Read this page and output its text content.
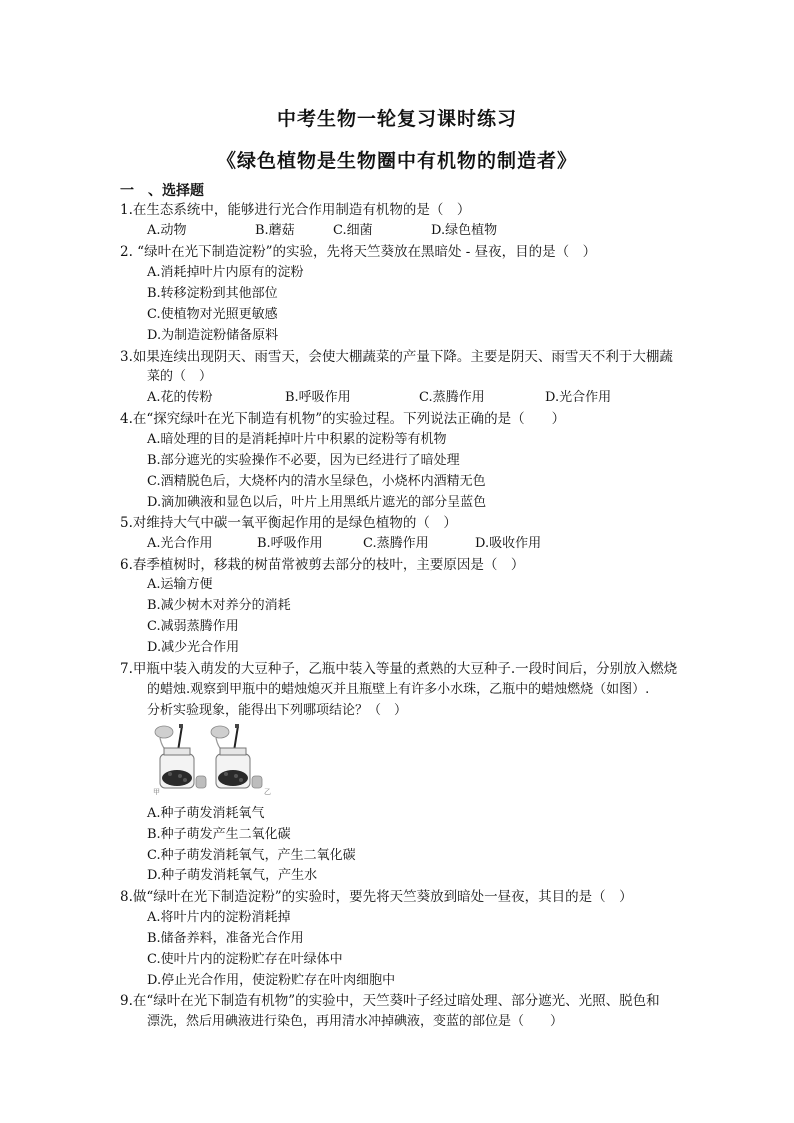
中考生物一轮复习课时练习
《绿色植物是生物圈中有机物的制造者》
一　、选择题
1.在生态系统中，能够进行光合作用制造有机物的是（　）
A.动物	B.蘑菇	C.细菌	D.绿色植物
2. “绿叶在光下制造淀粉”的实验，先将天竺葵放在黑暗处 - 昼夜，目的是（　）
A.消耗掉叶片内原有的淀粉
B.转移淀粉到其他部位
C.使植物对光照更敏感
D.为制造淀粉储备原料
3.如果连续出现阴天、雨雪天，会使大棚蔬菜的产量下降。主要是阴天、雨雪天不利于大棚蔬
菜的（　）
A.花的传粉	B.呼吸作用	C.蒸腾作用	D.光合作用
4.在“探究绿叶在光下制造有机物”的实验过程。下列说法正确的是（　　）
A.暗处理的目的是消耗掉叶片中积累的淀粉等有机物
B.部分遮光的实验操作不必要，因为已经进行了暗处理
C.酒精脱色后，大烧杯内的清水呈绿色，小烧杯内酒精无色
D.滴加碘液和显色以后，叶片上用黑纸片遮光的部分呈蓝色
5.对维持大气中碳一氧平衡起作用的是绿色植物的（　）
A.光合作用	B.呼吸作用	C.蒸腾作用	D.吸收作用
6.春季植树时，移栽的树苗常被剪去部分的枝叶，主要原因是（　）
A.运输方便
B.减少树木对养分的消耗
C.减弱蒸腾作用
D.减少光合作用
7.甲瓶中装入萌发的大豆种子，乙瓶中装入等量的煮熟的大豆种子.一段时间后，分别放入燃烧
的蜡烛.观察到甲瓶中的蜡烛熄灭并且瓶壁上有许多小水珠，乙瓶中的蜡烛燃烧（如图）.
分析实验现象，能得出下列哪项结论？（　）
甲	乙
A.种子萌发消耗氧气
B.种子萌发产生二氧化碳
C.种子萌发消耗氧气，产生二氧化碳
D.种子萌发消耗氧气，产生水
8.做“绿叶在光下制造淀粉”的实验时，要先将天竺葵放到暗处一昼夜，其目的是（　）
A.将叶片内的淀粉消耗掉
B.储备养料，准备光合作用
C.使叶片内的淀粉贮存在叶绿体中
D.停止光合作用，使淀粉贮存在叶肉细胞中
9.在“绿叶在光下制造有机物”的实验中，天竺葵叶子经过暗处理、部分遮光、光照、脱色和
漂洗，然后用碘液进行染色，再用清水冲掉碘液，变蓝的部位是（　　）
